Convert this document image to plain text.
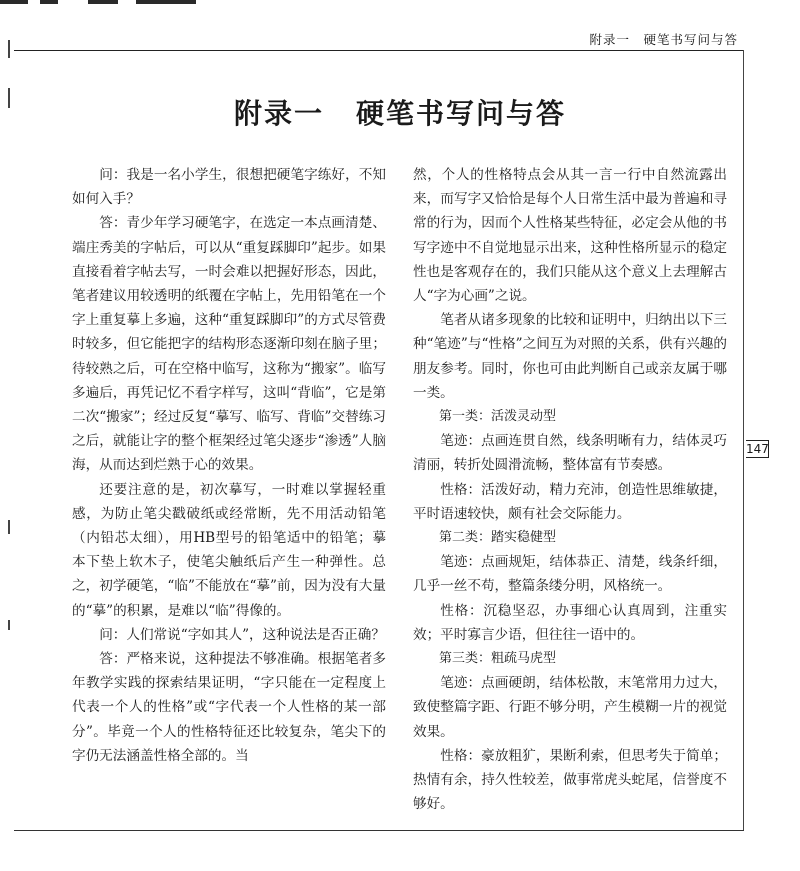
附录一　硬笔书写问与答
附录一 硬笔书写问与答

问：我是一名小学生，很想把硬笔字练好，不知如何入手？

答：青少年学习硬笔字，在选定一本点画清楚、端庄秀美的字帖后，可以从“重复踩脚印”起步。如果直接看着字帖去写，一时会难以把握好形态，因此，笔者建议用较透明的纸覆在字帖上，先用铅笔在一个字上重复摹上多遍，这种“重复踩脚印”的方式尽管费时较多，但它能把字的结构形态逐渐印刻在脑子里；待较熟之后，可在空格中临写，这称为“搬家”。临写多遍后，再凭记忆不看字样写，这叫“背临”，它是第二次“搬家”；经过反复“摹写、临写、背临”交替练习之后，就能让字的整个框架经过笔尖逐步“渗透”人脑海，从而达到烂熟于心的效果。

还要注意的是，初次摹写，一时难以掌握轻重感，为防止笔尖戳破纸或经常断，先不用活动铅笔（内铅芯太细），用HB型号的铅笔适中的铅笔；摹本下垫上软木子，使笔尖触纸后产生一种弹性。总之，初学硬笔，“临”不能放在“摹”前，因为没有大量的“摹”的积累，是难以“临”得像的。

问：人们常说“字如其人”，这种说法是否正确？

答：严格来说，这种提法不够准确。根据笔者多年教学实践的探索结果证明，“字只能在一定程度上代表一个人的性格”或“字代表一个人性格的某一部分”。毕竟一个人的性格特征还比较复杂，笔尖下的字仍无法涵盖性格全部的。当

然，个人的性格特点会从其一言一行中自然流露出来，而写字又恰恰是每个人日常生活中最为普遍和寻常的行为，因而个人性格某些特征，必定会从他的书写字迹中不自觉地显示出来，这种性格所显示的稳定性也是客观存在的，我们只能从这个意义上去理解古人“字为心画”之说。

笔者从诸多现象的比较和证明中，归纳出以下三种“笔迹”与“性格”之间互为对照的关系，供有兴趣的朋友参考。同时，你也可由此判断自己或亲友属于哪一类。

第一类：活泼灵动型

笔迹：点画连贯自然，线条明晰有力，结体灵巧清丽，转折处圆滑流畅，整体富有节奏感。

性格：活泼好动，精力充沛，创造性思维敏捷，平时语速较快，颇有社会交际能力。

第二类：踏实稳健型

笔迹：点画规矩，结体恭正、清楚，线条纤细，几乎一丝不苟，整篇条缕分明，风格统一。

性格：沉稳坚忍，办事细心认真周到，注重实效；平时寡言少语，但往往一语中的。

第三类：粗疏马虎型

笔迹：点画硬朗，结体松散，末笔常用力过大，致使整篇字距、行距不够分明，产生模糊一片的视觉效果。

性格：豪放粗犷，果断利索，但思考失于简单；热情有余，持久性较差，做事常虎头蛇尾，信誉度不够好。

147
